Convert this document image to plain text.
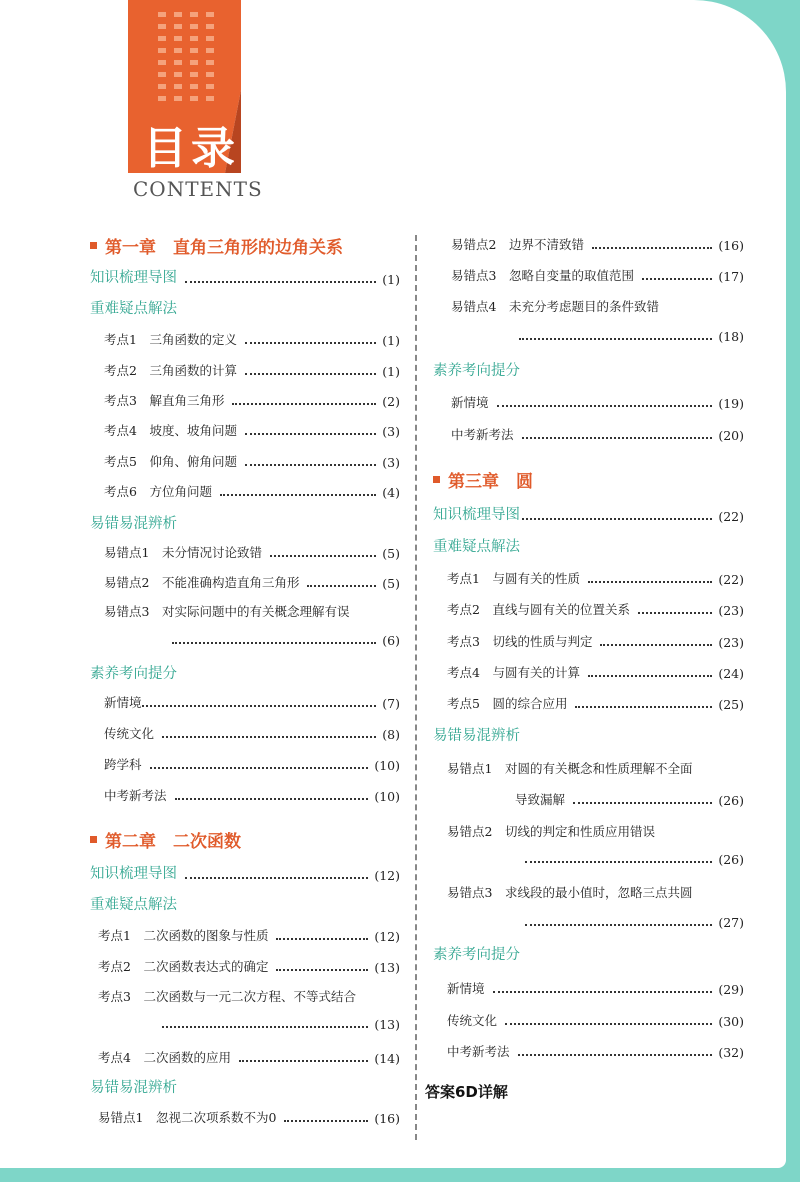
目录
CONTENTS
第一章　直角三角形的边角关系
知识梳理导图	(1)
重难疑点解法
考点1　三角函数的定义	(1)
考点2　三角函数的计算	(1)
考点3　解直角三角形	(2)
考点4　坡度、坡角问题	(3)
考点5　仰角、俯角问题	(3)
考点6　方位角问题	(4)
易错易混辨析
易错点1　未分情况讨论致错	(5)
易错点2　不能准确构造直角三角形	(5)
易错点3　对实际问题中的有关概念理解有误
(6)
素养考向提分
新情境	(7)
传统文化	(8)
跨学科	(10)
中考新考法	(10)
第二章　二次函数
知识梳理导图	(12)
重难疑点解法
考点1　二次函数的图象与性质	(12)
考点2　二次函数表达式的确定	(13)
考点3　二次函数与一元二次方程、不等式结合
(13)
考点4　二次函数的应用	(14)
易错易混辨析
易错点1　忽视二次项系数不为0	(16)
易错点2　边界不清致错	(16)
易错点3　忽略自变量的取值范围	(17)
易错点4　未充分考虑题目的条件致错
(18)
素养考向提分
新情境	(19)
中考新考法	(20)
第三章　圆
知识梳理导图	(22)
重难疑点解法
考点1　与圆有关的性质	(22)
考点2　直线与圆有关的位置关系	(23)
考点3　切线的性质与判定	(23)
考点4　与圆有关的计算	(24)
考点5　圆的综合应用	(25)
易错易混辨析
易错点1　对圆的有关概念和性质理解不全面
导致漏解	(26)
易错点2　切线的判定和性质应用错误
(26)
易错点3　求线段的最小值时，忽略三点共圆
(27)
素养考向提分
新情境	(29)
传统文化	(30)
中考新考法	(32)
答案6D详解
